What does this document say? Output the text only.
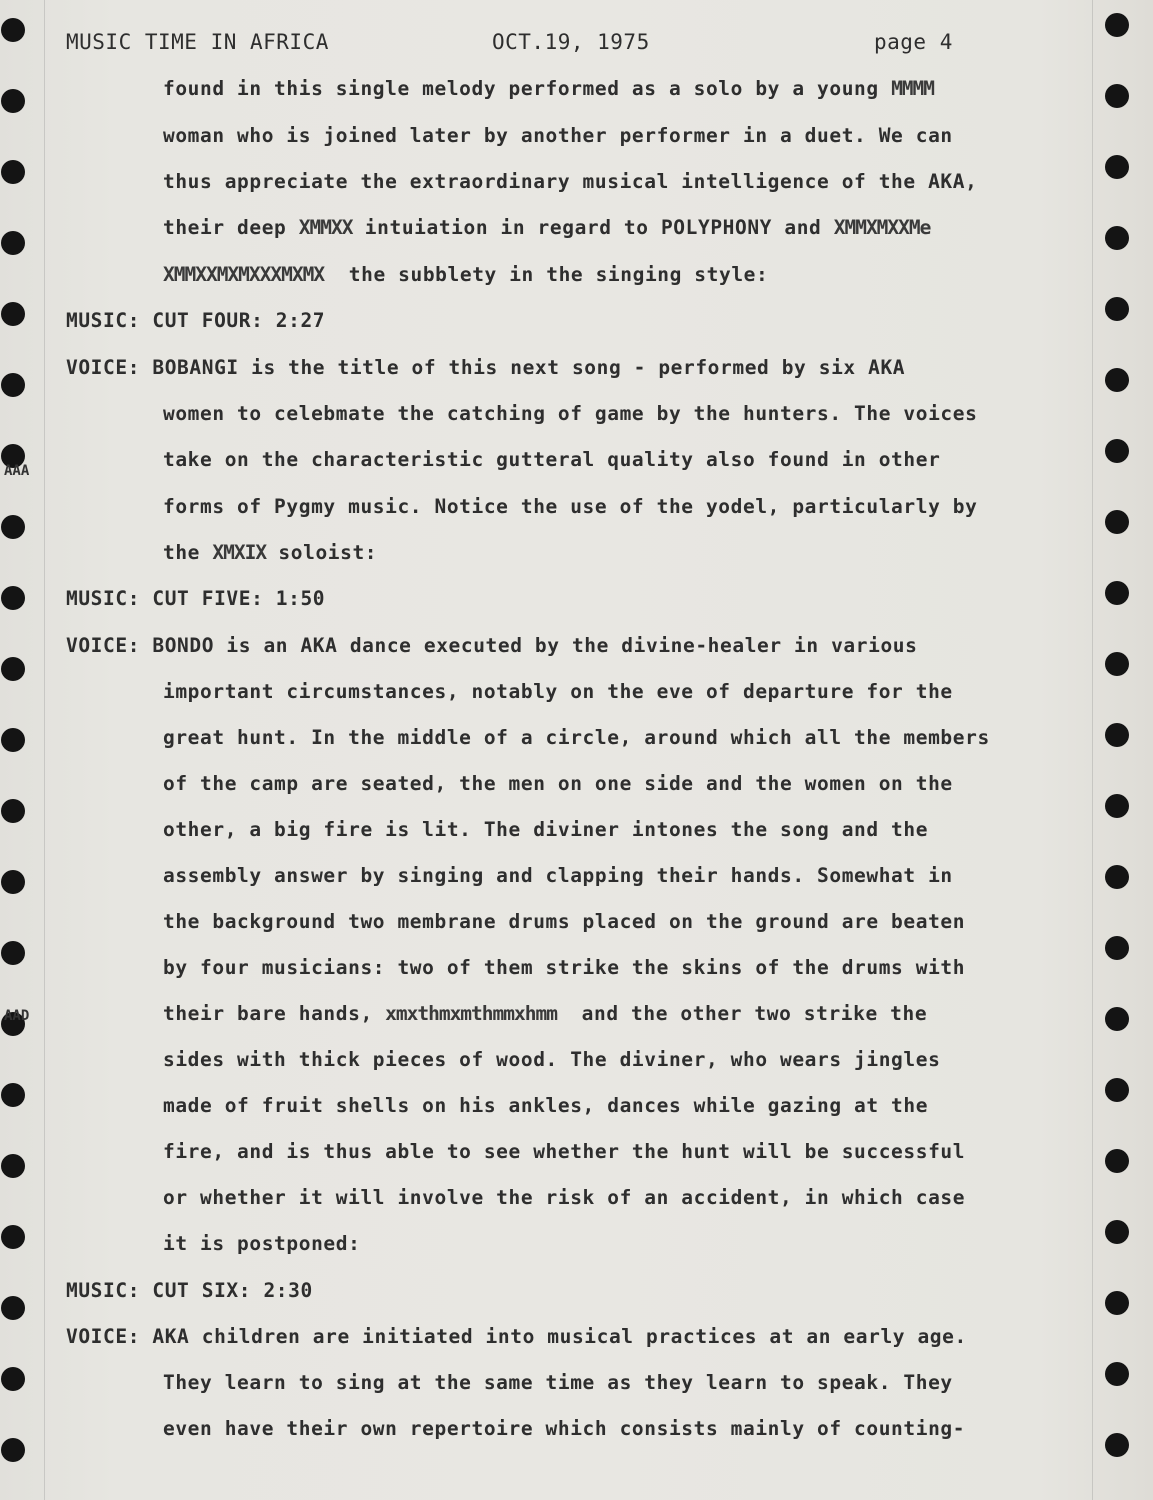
MUSIC TIME IN AFRICA	OCT.19, 1975	page 4
AAA
AAD
found in this single melody performed as a solo by a young MMMM
woman who is joined later by another performer in a duet. We can
thus appreciate the extraordinary musical intelligence of the AKA,
their deep XMMXX intuiation in regard to POLYPHONY and XMMXMXXMe
XMMXXMXMXXXMXMX  the subblety in the singing style:
MUSIC: CUT FOUR: 2:27
VOICE: BOBANGI is the title of this next song - performed by six AKA
women to celebmate the catching of game by the hunters. The voices
take on the characteristic gutteral quality also found in other
forms of Pygmy music. Notice the use of the yodel, particularly by
the XMXIX soloist:
MUSIC: CUT FIVE: 1:50
VOICE: BONDO is an AKA dance executed by the divine-healer in various
important circumstances, notably on the eve of departure for the
great hunt. In the middle of a circle, around which all the members
of the camp are seated, the men on one side and the women on the
other, a big fire is lit. The diviner intones the song and the
assembly answer by singing and clapping their hands. Somewhat in
the background two membrane drums placed on the ground are beaten
by four musicians: two of them strike the skins of the drums with
their bare hands, xmxthmxmthmmxhmm  and the other two strike the
sides with thick pieces of wood. The diviner, who wears jingles
made of fruit shells on his ankles, dances while gazing at the
fire, and is thus able to see whether the hunt will be successful
or whether it will involve the risk of an accident, in which case
it is postponed:
MUSIC: CUT SIX: 2:30
VOICE: AKA children are initiated into musical practices at an early age.
They learn to sing at the same time as they learn to speak. They
even have their own repertoire which consists mainly of counting-
